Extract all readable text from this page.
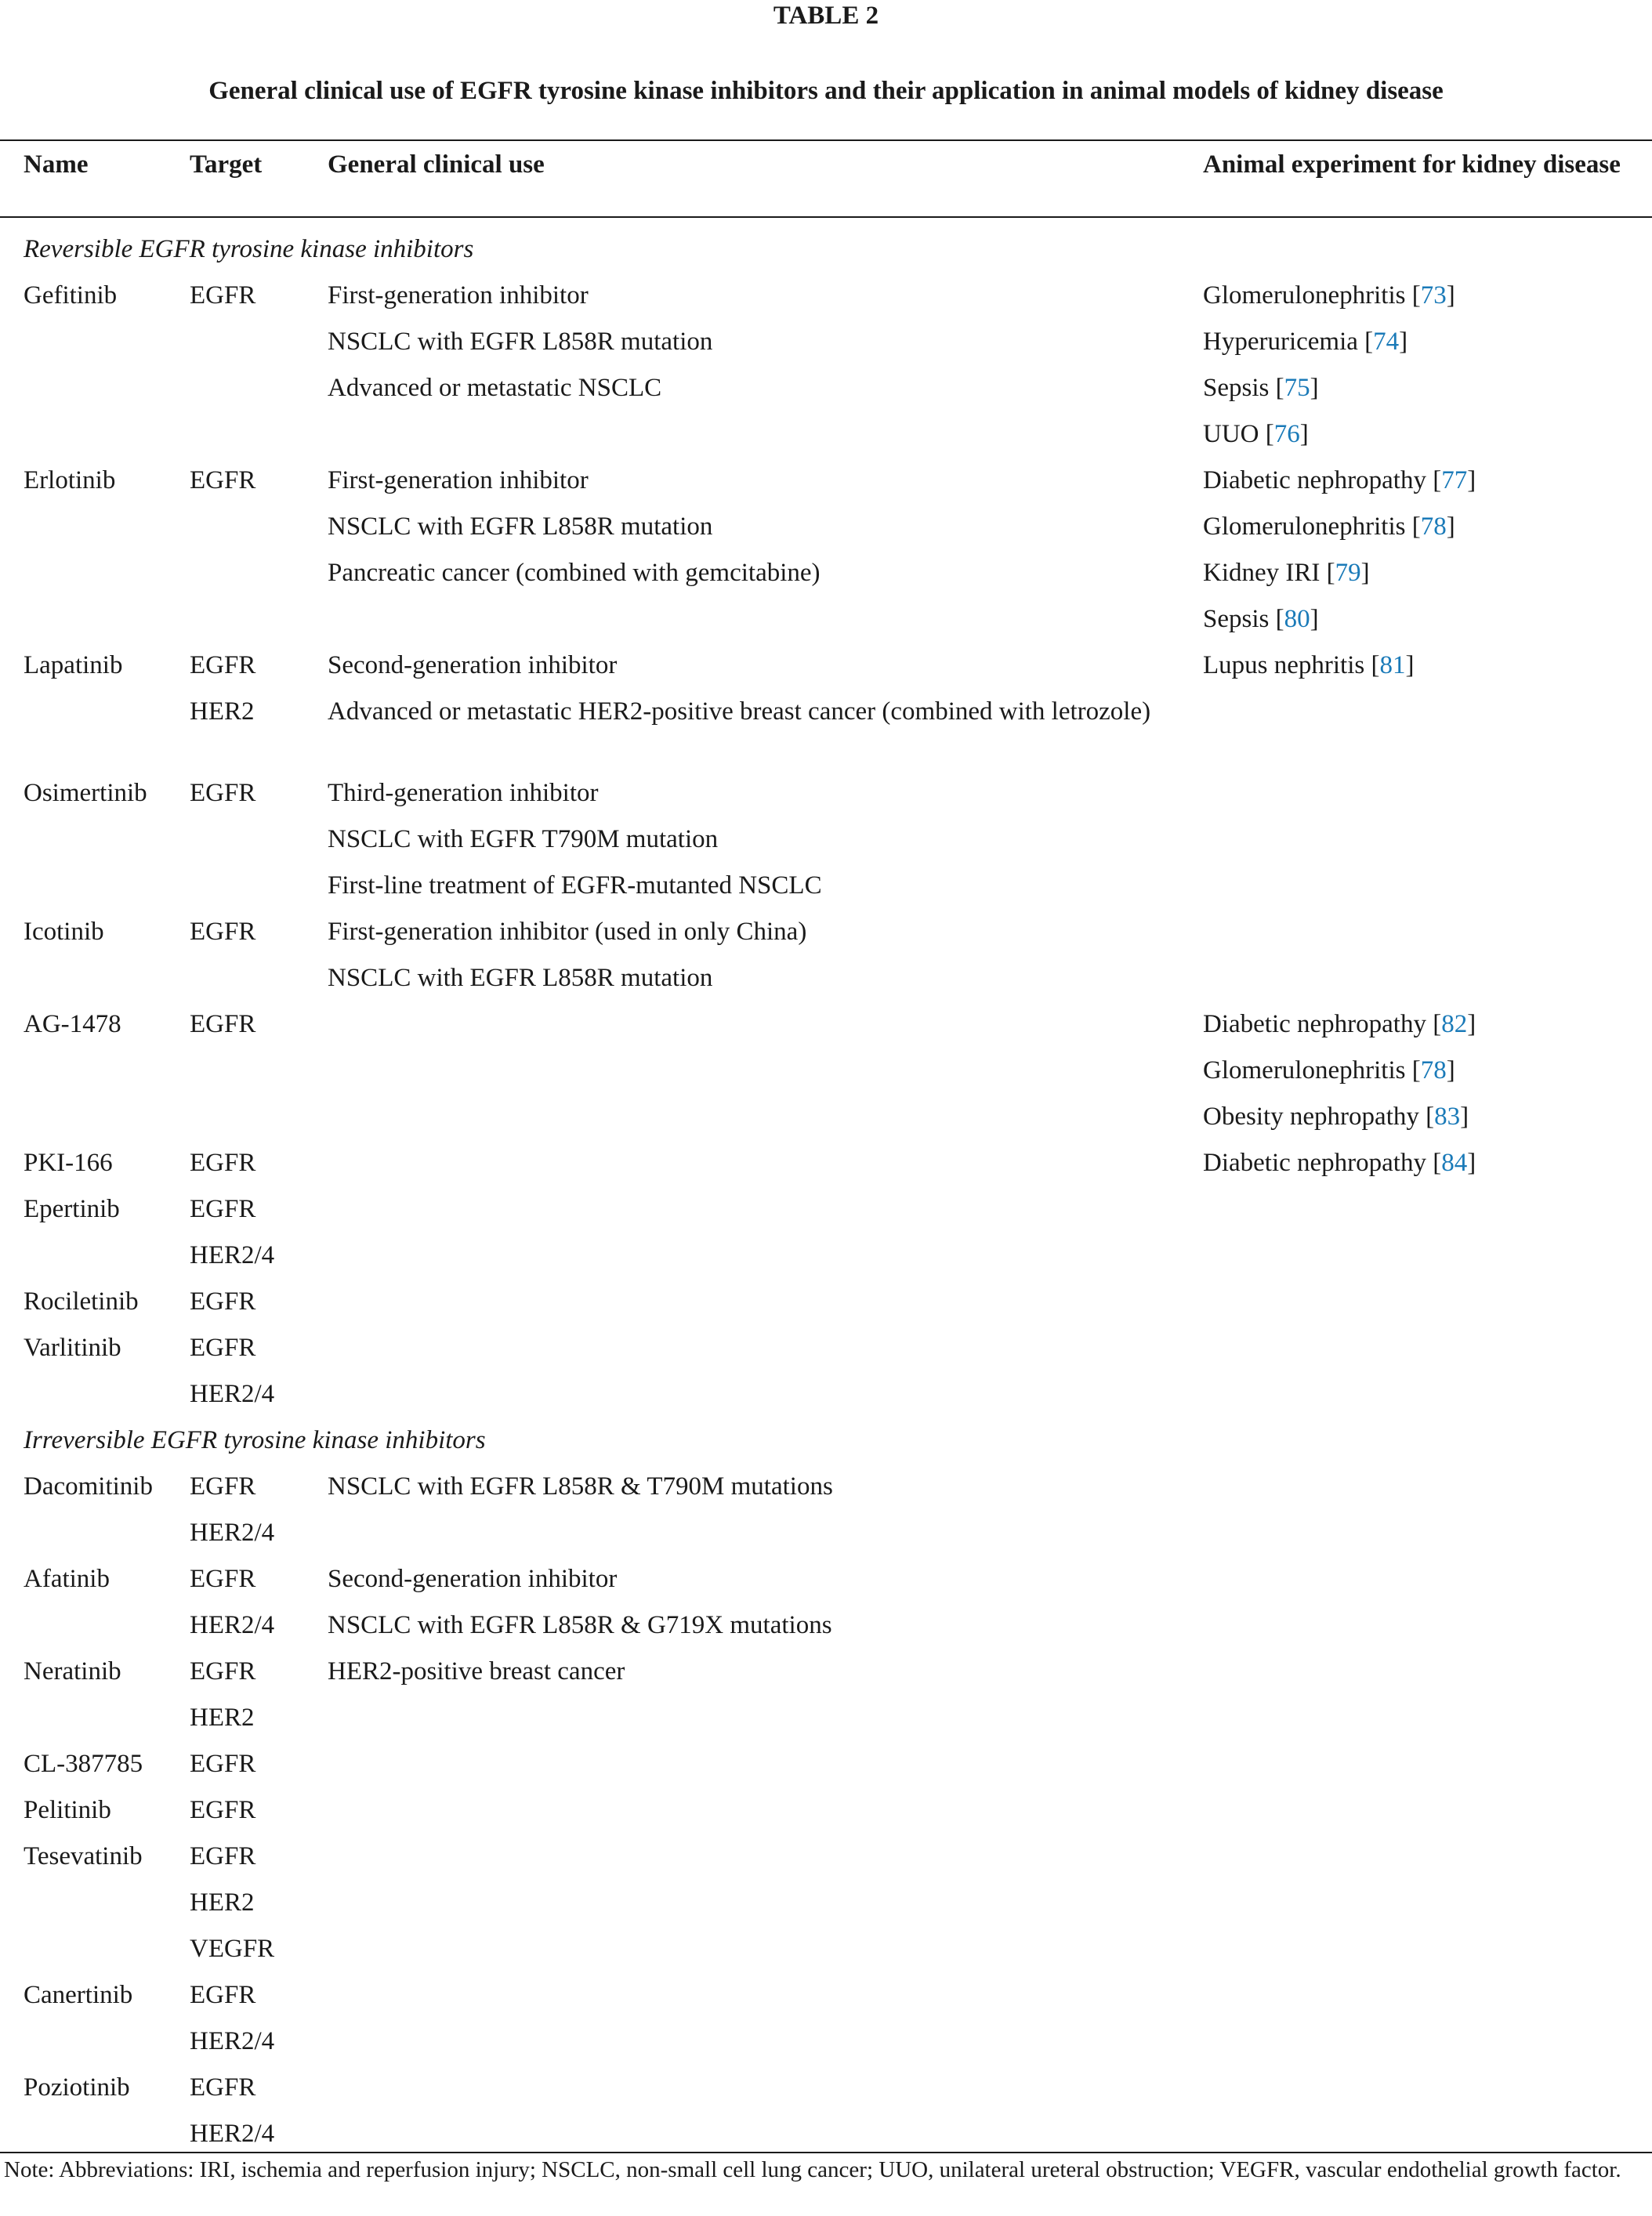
TABLE 2
General clinical use of EGFR tyrosine kinase inhibitors and their application in animal models of kidney disease
Name	Target	General clinical use	Animal experiment for kidney disease
Reversible EGFR tyrosine kinase inhibitors
Gefitinib	EGFR	First-generation inhibitor	Glomerulonephritis [73]
NSCLC with EGFR L858R mutation	Hyperuricemia [74]
Advanced or metastatic NSCLC	Sepsis [75]
UUO [76]
Erlotinib	EGFR	First-generation inhibitor	Diabetic nephropathy [77]
NSCLC with EGFR L858R mutation	Glomerulonephritis [78]
Pancreatic cancer (combined with gemcitabine)	Kidney IRI [79]
Sepsis [80]
Lapatinib	EGFR	Second-generation inhibitor	Lupus nephritis [81]
HER2	Advanced or metastatic HER2-positive breast cancer (combined with letrozole)
Osimertinib EGFR	Third-generation inhibitor
NSCLC with EGFR T790M mutation
First-line treatment of EGFR-mutanted NSCLC
Icotinib	EGFR	First-generation inhibitor (used in only China)
NSCLC with EGFR L858R mutation
AG-1478	EGFR	Diabetic nephropathy [82]
Glomerulonephritis [78]
Obesity nephropathy [83]
PKI-166	EGFR	Diabetic nephropathy [84]
Epertinib	EGFR
HER2/4
Rociletinib EGFR
Varlitinib	EGFR
HER2/4
Irreversible EGFR tyrosine kinase inhibitors
Dacomitinib EGFR	NSCLC with EGFR L858R & T790M mutations
HER2/4
Afatinib	EGFR	Second-generation inhibitor
HER2/4 NSCLC with EGFR L858R & G719X mutations
Neratinib	EGFR	HER2-positive breast cancer
HER2
CL-387785 EGFR
Pelitinib	EGFR
Tesevatinib EGFR
HER2
VEGFR
Canertinib EGFR
HER2/4
Poziotinib EGFR
HER2/4
Note: Abbreviations: IRI, ischemia and reperfusion injury; NSCLC, non-small cell lung cancer; UUO, unilateral ureteral obstruction; VEGFR, vascular endothelial growth factor.
